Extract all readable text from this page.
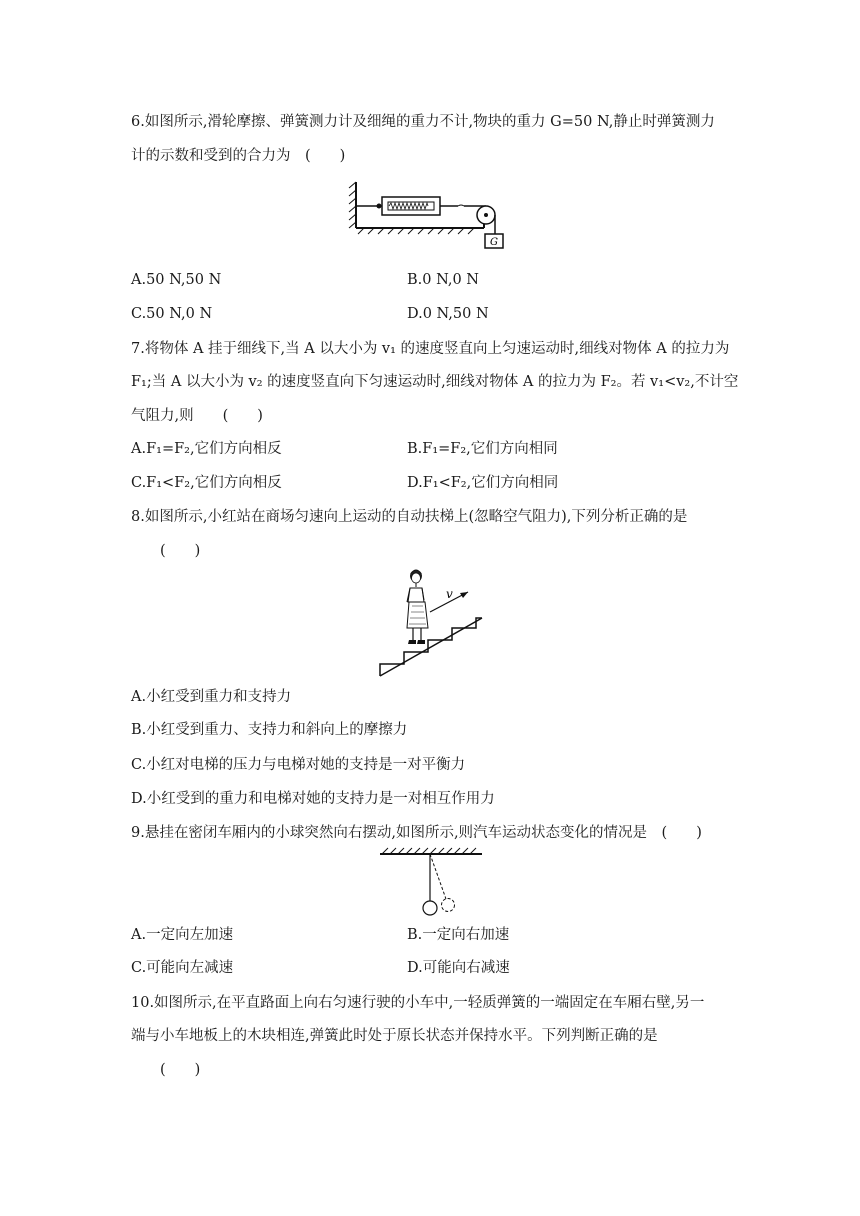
6.如图所示,滑轮摩擦、弹簧测力计及细绳的重力不计,物块的重力 G=50 N,静止时弹簧测力
计的示数和受到的合力为　(　　)
G
A.50 N,50 N	B.0 N,0 N
C.50 N,0 N	D.0 N,50 N
7.将物体 A 挂于细线下,当 A 以大小为 v₁ 的速度竖直向上匀速运动时,细线对物体 A 的拉力为
F₁;当 A 以大小为 v₂ 的速度竖直向下匀速运动时,细线对物体 A 的拉力为 F₂。若 v₁<v₂,不计空
气阻力,则　　(　　)
A.F₁=F₂,它们方向相反	B.F₁=F₂,它们方向相同
C.F₁<F₂,它们方向相反	D.F₁<F₂,它们方向相同
8.如图所示,小红站在商场匀速向上运动的自动扶梯上(忽略空气阻力),下列分析正确的是
(　　)
v
A.小红受到重力和支持力
B.小红受到重力、支持力和斜向上的摩擦力
C.小红对电梯的压力与电梯对她的支持是一对平衡力
D.小红受到的重力和电梯对她的支持力是一对相互作用力
9.悬挂在密闭车厢内的小球突然向右摆动,如图所示,则汽车运动状态变化的情况是　(　　)
A.一定向左加速	B.一定向右加速
C.可能向左减速	D.可能向右减速
10.如图所示,在平直路面上向右匀速行驶的小车中,一轻质弹簧的一端固定在车厢右壁,另一
端与小车地板上的木块相连,弹簧此时处于原长状态并保持水平。下列判断正确的是
(　　)
